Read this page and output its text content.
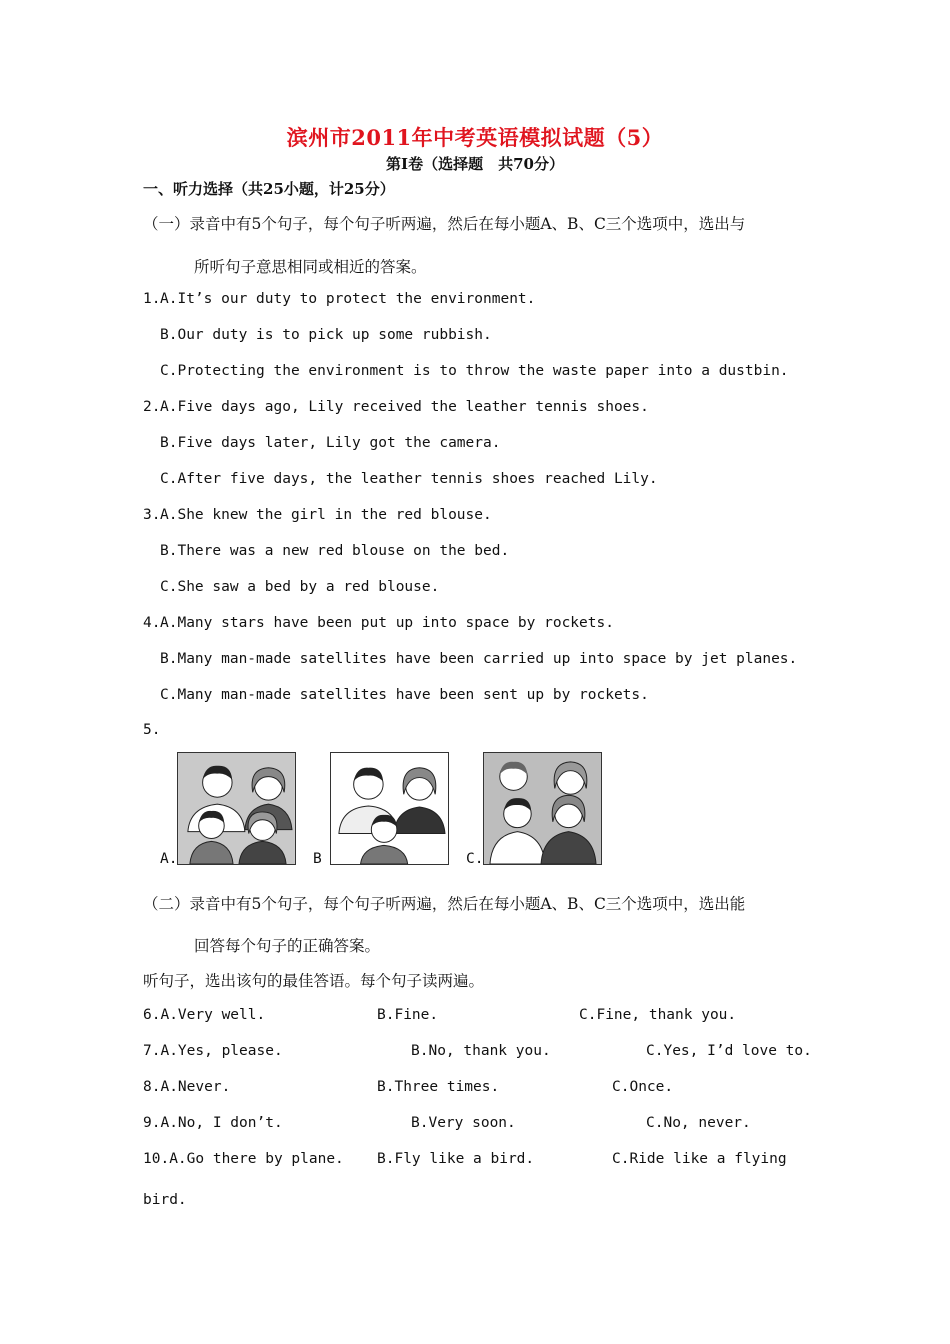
滨州市2011年中考英语模拟试题（5）
第Ⅰ卷（选择题　共70分）
一、听力选择（共25小题，计25分）
（一）录音中有5个句子，每个句子听两遍，然后在每小题A、B、C三个选项中，选出与
所听句子意思相同或相近的答案。
1. A.It’s our duty to protect the environment.
B.Our duty is to pick up some rubbish.
C.Protecting the environment is to throw the waste paper into a dustbin.
2. A.Five days ago, Lily received the leather tennis shoes.
B.Five days later, Lily got the camera.
C.After five days, the leather tennis shoes reached Lily.
3. A.She knew the girl in the red blouse.
B.There was a new red blouse on the bed.
C.She saw a bed by a red blouse.
4. A.Many stars have been put up into space by rockets.
B.Many man-made satellites have been carried up into space by jet planes.
C.Many man-made satellites have been sent up by rockets.
5.
A.	B	C.
（二）录音中有5个句子，每个句子听两遍，然后在每小题A、B、C三个选项中，选出能
回答每个句子的正确答案。
听句子，选出该句的最佳答语。每个句子读两遍。
6.A.Very well.	B.Fine.	C.Fine, thank you.
7.A.Yes, please.	B.No, thank you.	C.Yes, I’d love to.
8.A.Never.	B.Three times.	C.Once.
9.A.No, I don’t.	B.Very soon.	C.No, never.
10.A.Go there by plane. B.Fly like a bird.	C.Ride like a flying
bird.
